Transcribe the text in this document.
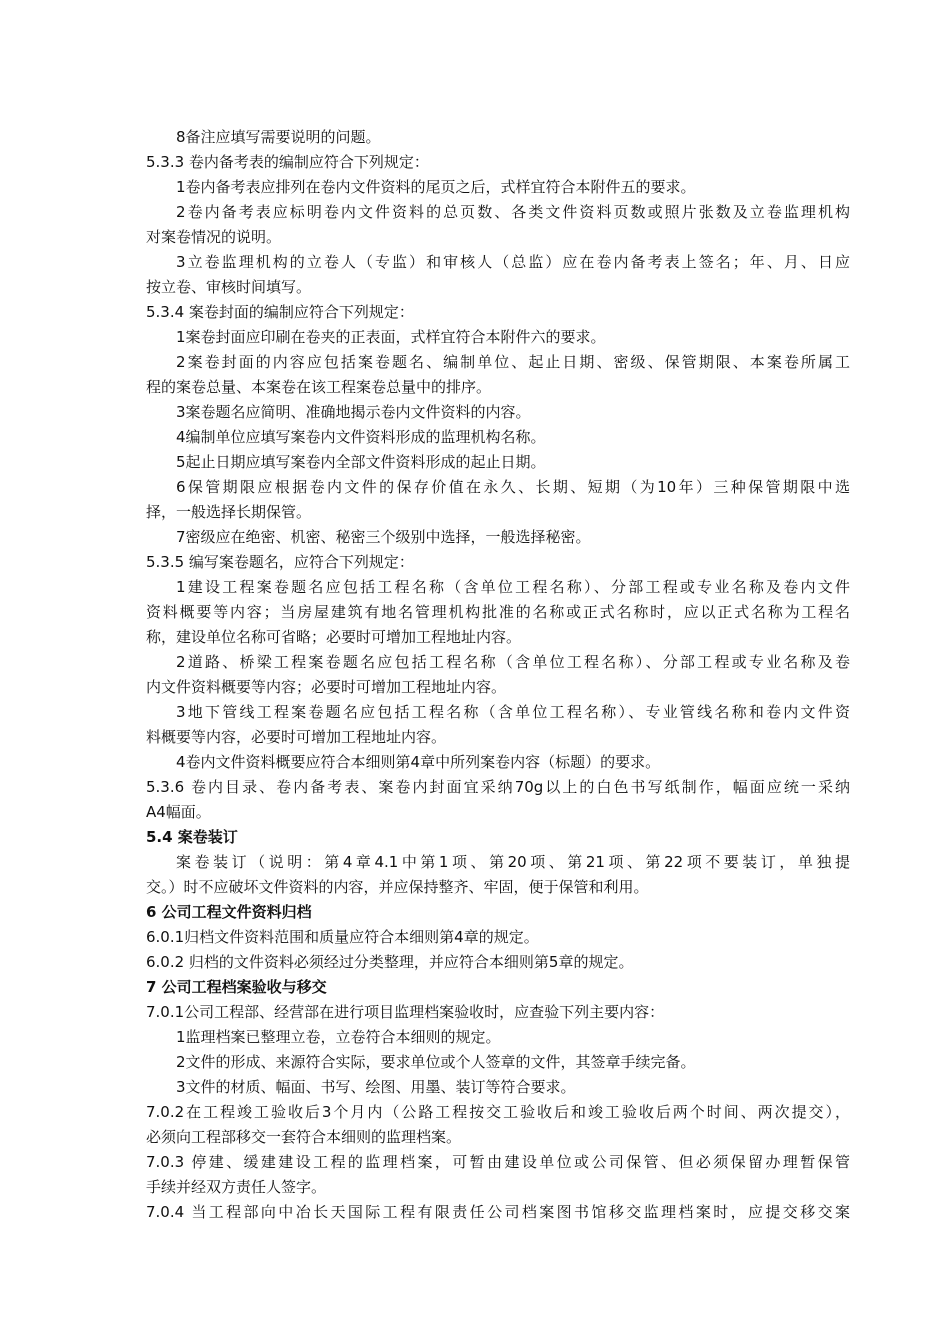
8备注应填写需要说明的问题。
5.3.3 卷内备考表的编制应符合下列规定：
1卷内备考表应排列在卷内文件资料的尾页之后，式样宜符合本附件五的要求。
2卷内备考表应标明卷内文件资料的总页数、各类文件资料页数或照片张数及立卷监理机构
对案卷情况的说明。
3立卷监理机构的立卷人（专监）和审核人（总监）应在卷内备考表上签名；年、月、日应
按立卷、审核时间填写。
5.3.4 案卷封面的编制应符合下列规定：
1案卷封面应印刷在卷夹的正表面，式样宜符合本附件六的要求。
2案卷封面的内容应包括案卷题名、编制单位、起止日期、密级、保管期限、本案卷所属工
程的案卷总量、本案卷在该工程案卷总量中的排序。
3案卷题名应简明、准确地揭示卷内文件资料的内容。
4编制单位应填写案卷内文件资料形成的监理机构名称。
5起止日期应填写案卷内全部文件资料形成的起止日期。
6保管期限应根据卷内文件的保存价值在永久、长期、短期（为10年）三种保管期限中选
择，一般选择长期保管。
7密级应在绝密、机密、秘密三个级别中选择，一般选择秘密。
5.3.5 编写案卷题名，应符合下列规定：
1建设工程案卷题名应包括工程名称（含单位工程名称）、分部工程或专业名称及卷内文件
资料概要等内容；当房屋建筑有地名管理机构批准的名称或正式名称时，应以正式名称为工程名
称，建设单位名称可省略；必要时可增加工程地址内容。
2道路、桥梁工程案卷题名应包括工程名称（含单位工程名称）、分部工程或专业名称及卷
内文件资料概要等内容；必要时可增加工程地址内容。
3地下管线工程案卷题名应包括工程名称（含单位工程名称）、专业管线名称和卷内文件资
料概要等内容，必要时可增加工程地址内容。
4卷内文件资料概要应符合本细则第4章中所列案卷内容（标题）的要求。
5.3.6 卷内目录、卷内备考表、案卷内封面宜采纳70g以上的白色书写纸制作，幅面应统一采纳
A4幅面。
5.4 案卷装订
案卷装订（说明：第4章4.1中第1项、第20项、第21项、第22项不要装订，单独提
交。）时不应破坏文件资料的内容，并应保持整齐、牢固，便于保管和利用。
6 公司工程文件资料归档
6.0.1归档文件资料范围和质量应符合本细则第4章的规定。
6.0.2 归档的文件资料必须经过分类整理，并应符合本细则第5章的规定。
7 公司工程档案验收与移交
7.0.1公司工程部、经营部在进行项目监理档案验收时，应查验下列主要内容：
1监理档案已整理立卷，立卷符合本细则的规定。
2文件的形成、来源符合实际，要求单位或个人签章的文件，其签章手续完备。
3文件的材质、幅面、书写、绘图、用墨、装订等符合要求。
7.0.2在工程竣工验收后3个月内（公路工程按交工验收后和竣工验收后两个时间、两次提交），
必须向工程部移交一套符合本细则的监理档案。
7.0.3 停建、缓建建设工程的监理档案，可暂由建设单位或公司保管、但必须保留办理暂保管
手续并经双方责任人签字。
7.0.4 当工程部向中冶长天国际工程有限责任公司档案图书馆移交监理档案时，应提交移交案
